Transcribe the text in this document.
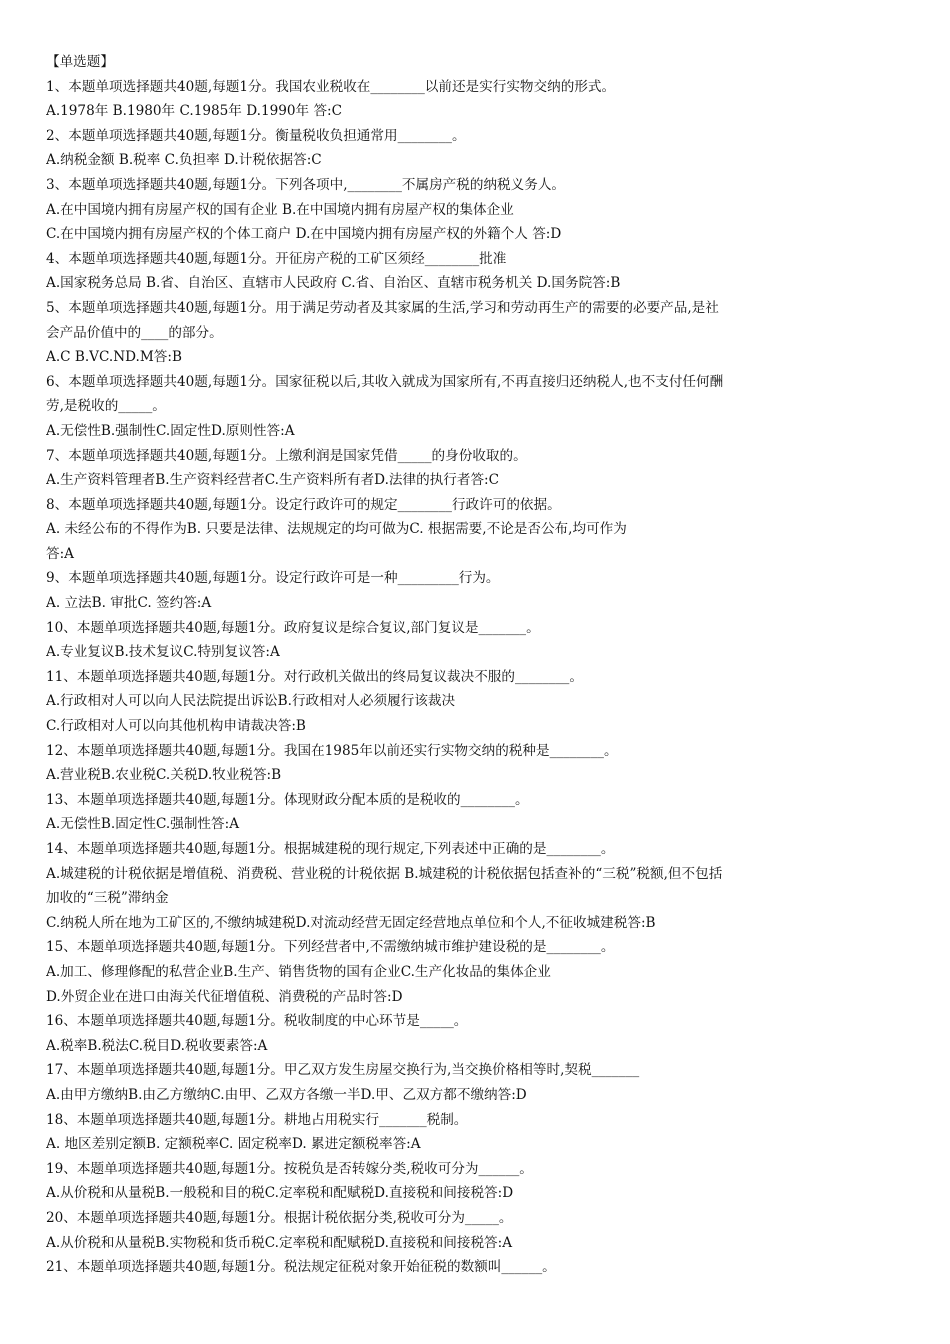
【单选题】
1、本题单项选择题共40题,每题1分。我国农业税收在________以前还是实行实物交纳的形式。
A.1978年 B.1980年 C.1985年 D.1990年 答:C
2、本题单项选择题共40题,每题1分。衡量税收负担通常用________。
A.纳税金额 B.税率 C.负担率 D.计税依据答:C
3、本题单项选择题共40题,每题1分。下列各项中,________不属房产税的纳税义务人。
A.在中国境内拥有房屋产权的国有企业 B.在中国境内拥有房屋产权的集体企业
C.在中国境内拥有房屋产权的个体工商户 D.在中国境内拥有房屋产权的外籍个人 答:D
4、本题单项选择题共40题,每题1分。开征房产税的工矿区须经________批准
A.国家税务总局 B.省、自治区、直辖市人民政府 C.省、自治区、直辖市税务机关 D.国务院答:B
5、本题单项选择题共40题,每题1分。用于满足劳动者及其家属的生活,学习和劳动再生产的需要的必要产品,是社
会产品价值中的____的部分。
A.C B.VC.ND.M答:B
6、本题单项选择题共40题,每题1分。国家征税以后,其收入就成为国家所有,不再直接归还纳税人,也不支付任何酬
劳,是税收的_____。
A.无偿性B.强制性C.固定性D.原则性答:A
7、本题单项选择题共40题,每题1分。上缴利润是国家凭借_____的身份收取的。
A.生产资料管理者B.生产资料经营者C.生产资料所有者D.法律的执行者答:C
8、本题单项选择题共40题,每题1分。设定行政许可的规定________行政许可的依据。
A. 未经公布的不得作为B. 只要是法律、法规规定的均可做为C. 根据需要,不论是否公布,均可作为
答:A
9、本题单项选择题共40题,每题1分。设定行政许可是一种_________行为。
A. 立法B. 审批C. 签约答:A
10、本题单项选择题共40题,每题1分。政府复议是综合复议,部门复议是_______。
A.专业复议B.技术复议C.特别复议答:A
11、本题单项选择题共40题,每题1分。对行政机关做出的终局复议裁决不服的________。
A.行政相对人可以向人民法院提出诉讼B.行政相对人必须履行该裁决
C.行政相对人可以向其他机构申请裁决答:B
12、本题单项选择题共40题,每题1分。我国在1985年以前还实行实物交纳的税种是________。
A.营业税B.农业税C.关税D.牧业税答:B
13、本题单项选择题共40题,每题1分。体现财政分配本质的是税收的________。
A.无偿性B.固定性C.强制性答:A
14、本题单项选择题共40题,每题1分。根据城建税的现行规定,下列表述中正确的是________。
A.城建税的计税依据是增值税、消费税、营业税的计税依据 B.城建税的计税依据包括查补的“三税”税额,但不包括
加收的“三税”滞纳金
C.纳税人所在地为工矿区的,不缴纳城建税D.对流动经营无固定经营地点单位和个人,不征收城建税答:B
15、本题单项选择题共40题,每题1分。下列经营者中,不需缴纳城市维护建设税的是________。
A.加工、修理修配的私营企业B.生产、销售货物的国有企业C.生产化妆品的集体企业
D.外贸企业在进口由海关代征增值税、消费税的产品时答:D
16、本题单项选择题共40题,每题1分。税收制度的中心环节是_____。
A.税率B.税法C.税目D.税收要素答:A
17、本题单项选择题共40题,每题1分。甲乙双方发生房屋交换行为,当交换价格相等时,契税_______
A.由甲方缴纳B.由乙方缴纳C.由甲、乙双方各缴一半D.甲、乙双方都不缴纳答:D
18、本题单项选择题共40题,每题1分。耕地占用税实行_______税制。
A. 地区差别定额B. 定额税率C. 固定税率D. 累进定额税率答:A
19、本题单项选择题共40题,每题1分。按税负是否转嫁分类,税收可分为______。
A.从价税和从量税B.一般税和目的税C.定率税和配赋税D.直接税和间接税答:D
20、本题单项选择题共40题,每题1分。根据计税依据分类,税收可分为_____。
A.从价税和从量税B.实物税和货币税C.定率税和配赋税D.直接税和间接税答:A
21、本题单项选择题共40题,每题1分。税法规定征税对象开始征税的数额叫______。
